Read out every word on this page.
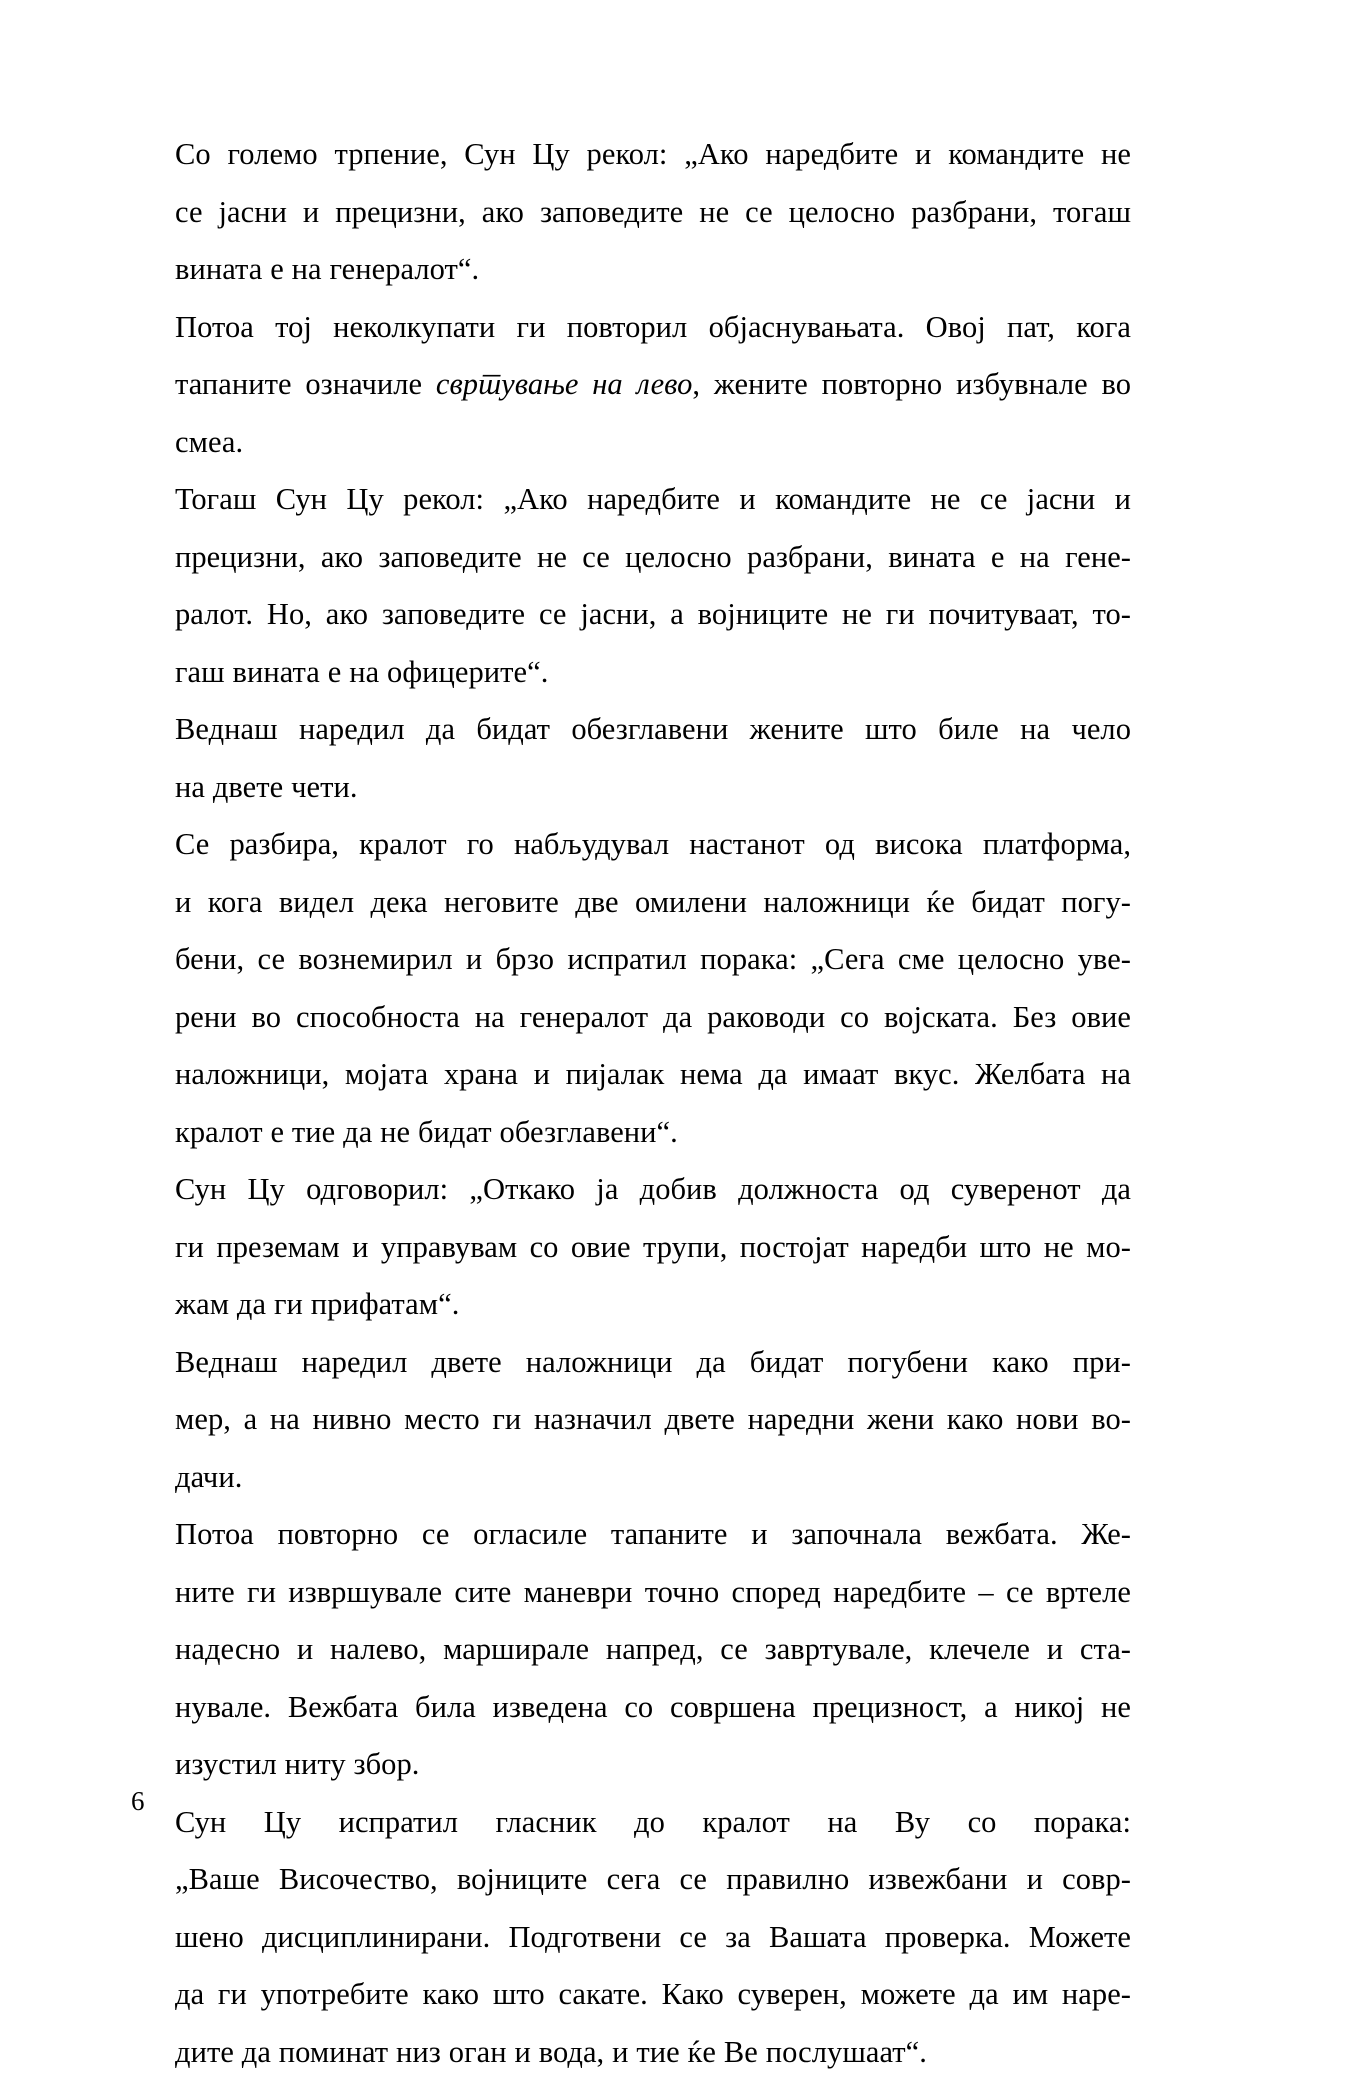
Со големо трпение, Сун Цу рекол: „Ако наредбите и командите не
се јасни и прецизни, ако заповедите не се целосно разбрани, тогаш
вината е на генералот“.
Потоа тој неколкупати ги повторил објаснувањата. Овој пат, кога
тапаните означиле свртување на лево, жените повторно избувнале во
смеа.
Тогаш Сун Цу рекол: „Ако наредбите и командите не се јасни и
прецизни, ако заповедите не се целосно разбрани, вината е на гене-
ралот. Но, ако заповедите се јасни, а војниците не ги почитуваат, то-
гаш вината е на офицерите“.
Веднаш наредил да бидат обезглавени жените што биле на чело
на двете чети.
Се разбира, кралот го набљудувал настанот од висока платформа,
и кога видел дека неговите две омилени наложници ќе бидат погу-
бени, се вознемирил и брзо испратил порака: „Сега сме целосно уве-
рени во способноста на генералот да раководи со војската. Без овие
наложници, мојата храна и пијалак нема да имаат вкус. Желбата на
кралот е тие да не бидат обезглавени“.
Сун Цу одговорил: „Откако ја добив должноста од суверенот да
ги преземам и управувам со овие трупи, постојат наредби што не мо-
жам да ги прифатам“.
Веднаш наредил двете наложници да бидат погубени како при-
мер, а на нивно место ги назначил двете наредни жени како нови во-
дачи.
Потоа повторно се огласиле тапаните и започнала вежбата. Же-
ните ги извршувале сите маневри точно според наредбите – се вртеле
надесно и налево, марширале напред, се завртувале, клечеле и ста-
нувале. Вежбата била изведена со совршена прецизност, а никој не
изустил ниту збор.
Сун Цу испратил гласник до кралот на Ву со порака:
„Ваше Височество, војниците сега се правилно извежбани и совр-
шено дисциплинирани. Подготвени се за Вашата проверка. Можете
да ги употребите како што сакате. Како суверен, можете да им наре-
дите да поминат низ оган и вода, и тие ќе Ве послушаат“.
6
